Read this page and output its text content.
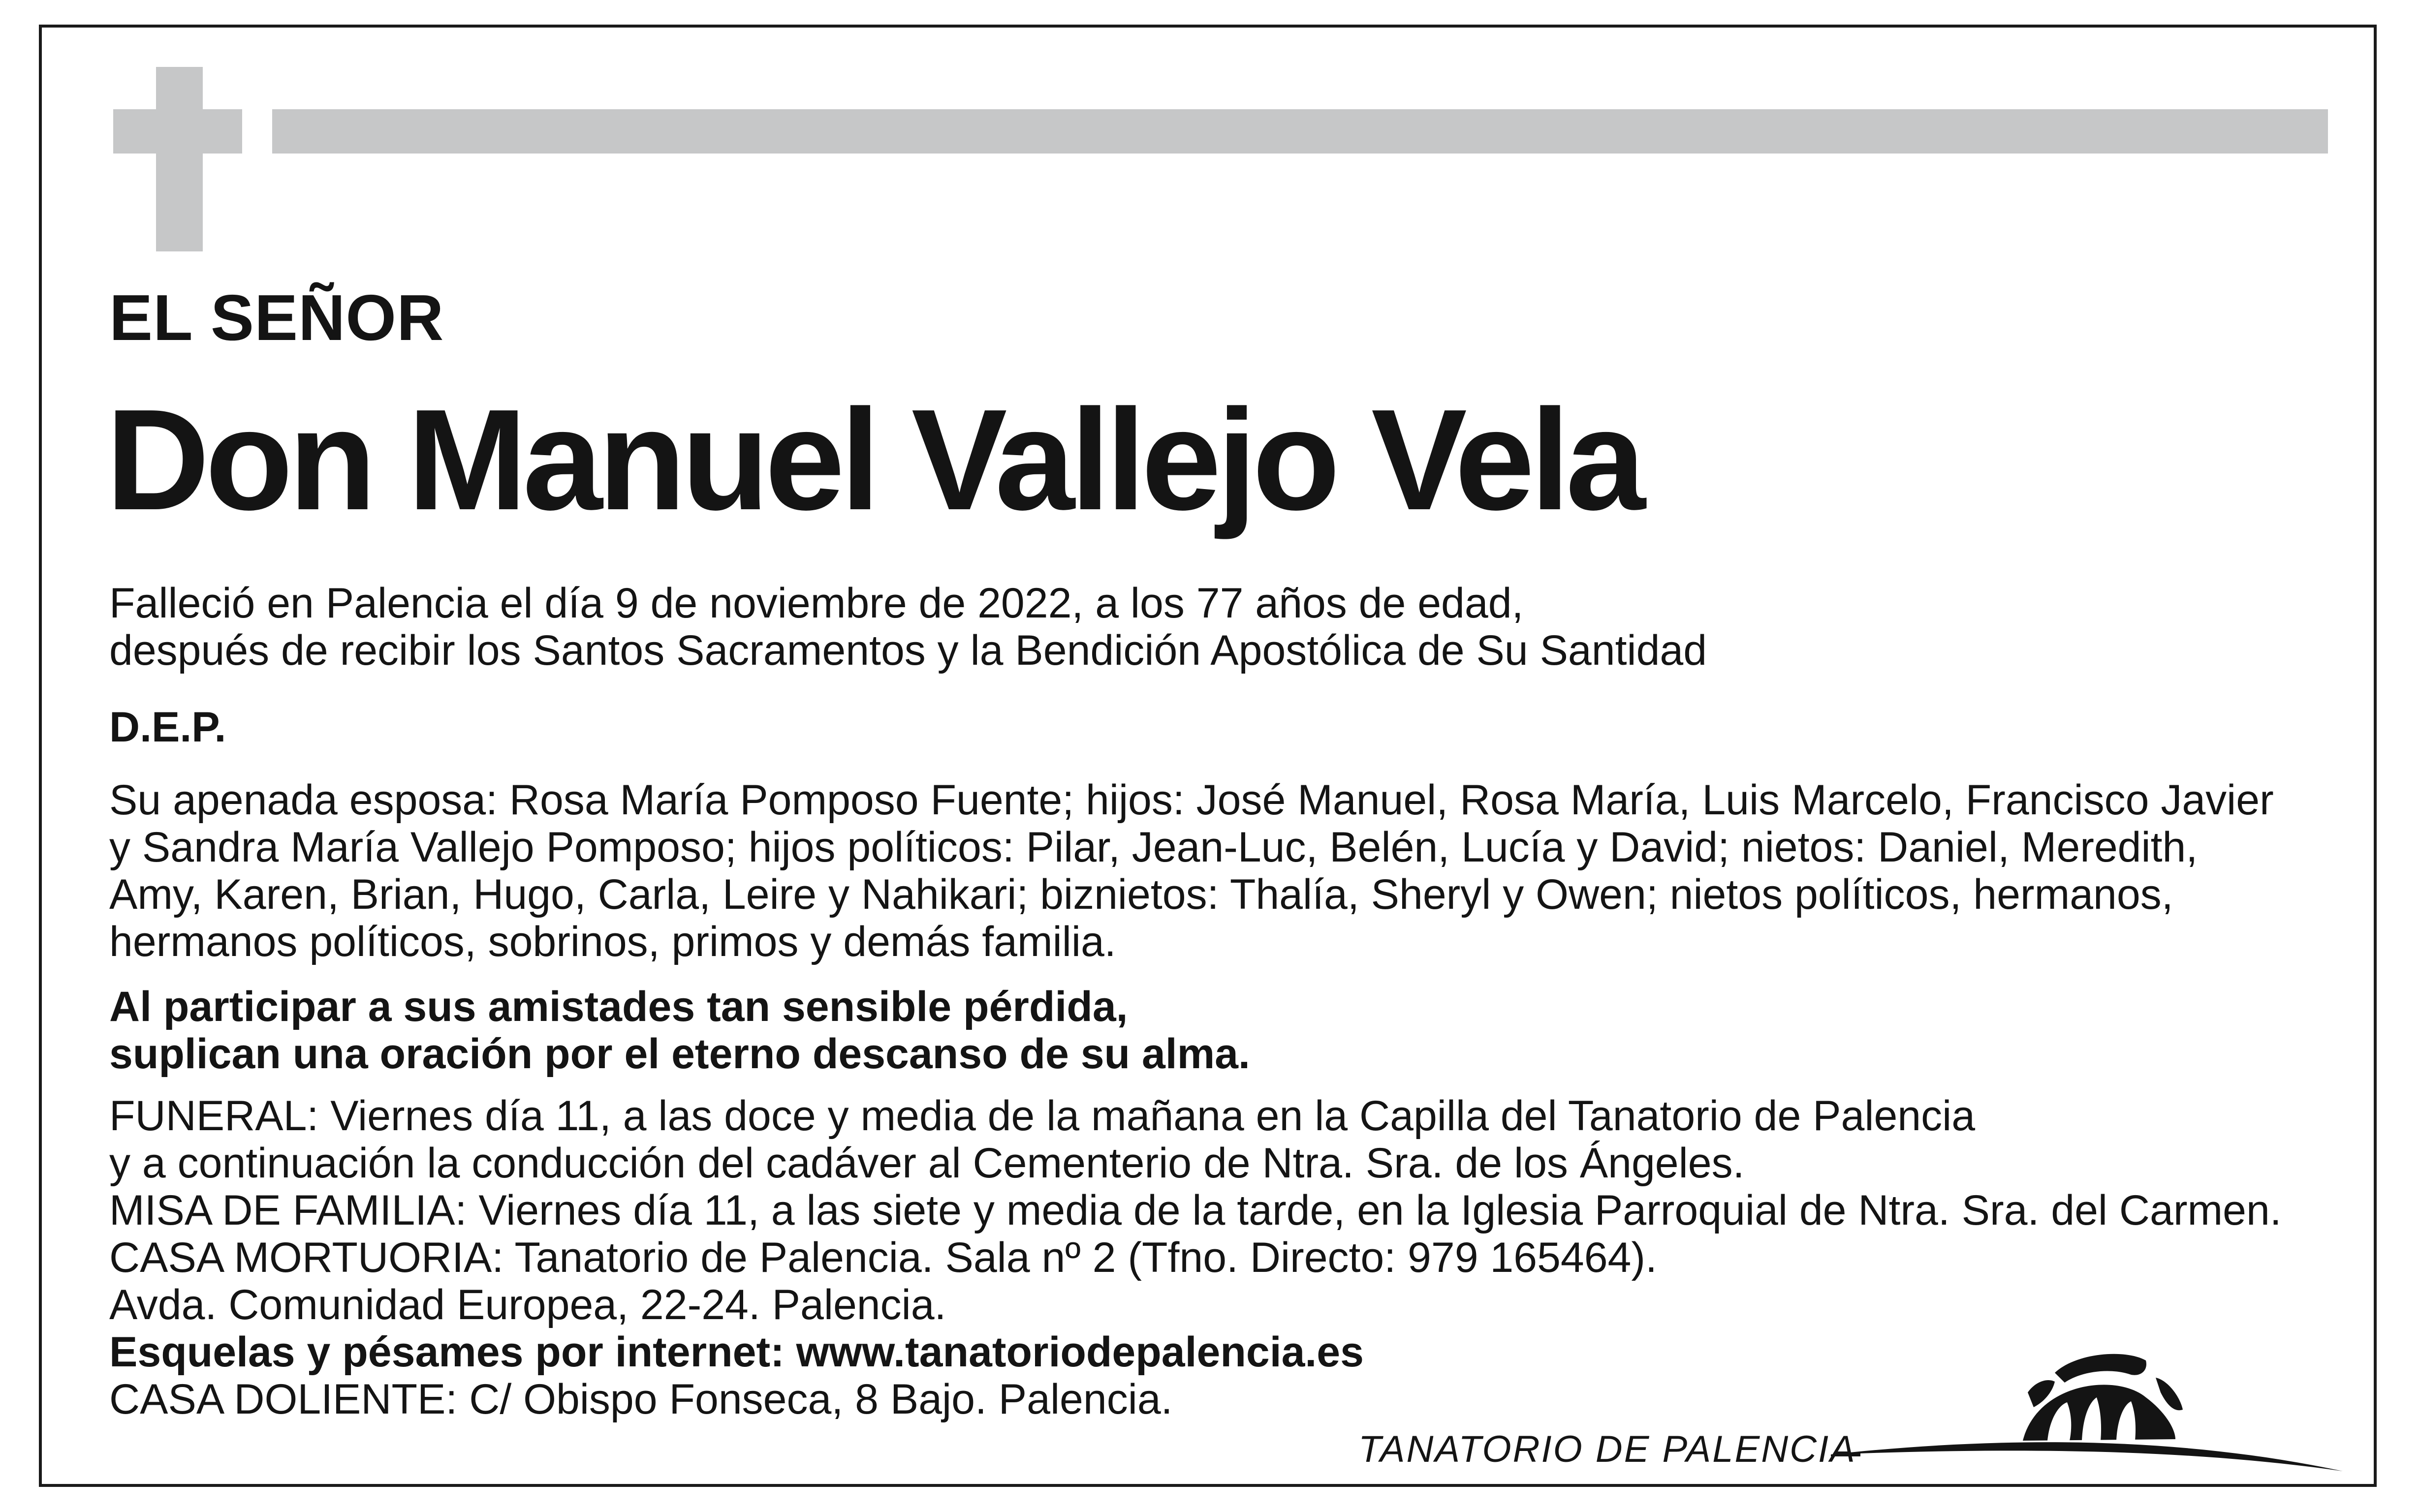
EL SEÑOR
Don Manuel Vallejo Vela
Falleció en Palencia el día 9 de noviembre de 2022, a los 77 años de edad,
después de recibir los Santos Sacramentos y la Bendición Apostólica de Su Santidad
D.E.P.
Su apenada esposa: Rosa María Pomposo Fuente; hijos: José Manuel, Rosa María, Luis Marcelo, Francisco Javier
y Sandra María Vallejo Pomposo; hijos políticos: Pilar, Jean-Luc, Belén, Lucía y David; nietos: Daniel, Meredith,
Amy, Karen, Brian, Hugo, Carla, Leire y Nahikari; biznietos: Thalía, Sheryl y Owen; nietos políticos, hermanos,
hermanos políticos, sobrinos, primos y demás familia.
Al participar a sus amistades tan sensible pérdida,
suplican una oración por el eterno descanso de su alma.
FUNERAL: Viernes día 11, a las doce y media de la mañana en la Capilla del Tanatorio de Palencia
y a continuación la conducción del cadáver al Cementerio de Ntra. Sra. de los Ángeles.
MISA DE FAMILIA: Viernes día 11, a las siete y media de la tarde, en la Iglesia Parroquial de Ntra. Sra. del Carmen.
CASA MORTUORIA: Tanatorio de Palencia. Sala nº 2 (Tfno. Directo: 979 165464).
Avda. Comunidad Europea, 22-24. Palencia.
Esquelas y pésames por internet: www.tanatoriodepalencia.es
CASA DOLIENTE: C/ Obispo Fonseca, 8 Bajo. Palencia.
TANATORIO DE PALENCIA
